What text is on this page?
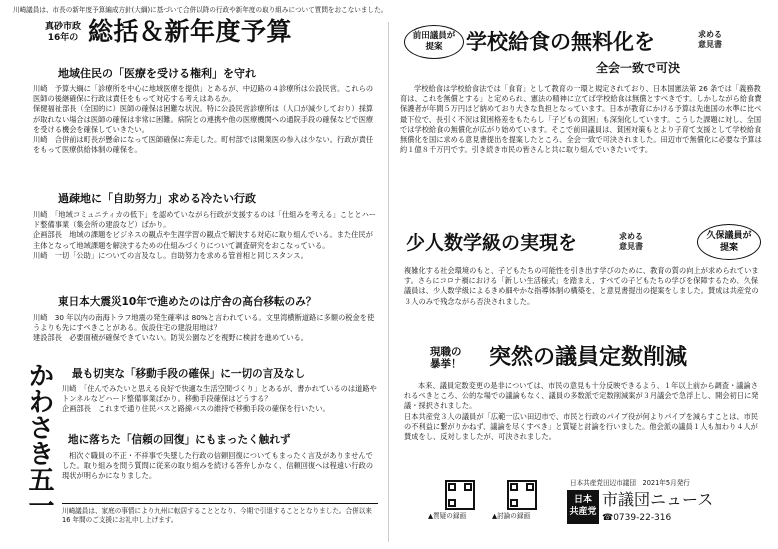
川崎議員は、市長の新年度予算編成方針(大綱)に基づいて合併以降の行政や新年度の取り組みについて質問をおこないました。
真砂市政
16年の 総括＆新年度予算
地域住民の「医療を受ける権利」を守れ

川崎　予算大綱に「診療所を中心に地域医療を提供」とあるが、中辺路の４診療所は公設民営。これらの医師の後継確保に行政は責任をもって対応する考えはあるか。

保健福祉部長（全国的に）医師の確保は困難な状況。特に公設民営診療所は（人口が減少しており）採算が取れない場合は医師の確保は非常に困難。病院との連携や他の医療機関への通院手段の確保などで医療を受ける機会を確保していきたい。

川崎　合併前は町長が懸命になって医師確保に奔走した。町村部では開業医の参入は少ない。行政が責任をもって医療供給体制の確保を。

過疎地に「自助努力」求める冷たい行政

川崎　「地域コミュニティカの低下」を認めていながら行政が支援するのは「仕組みを考える」こととハード整備事業（集会所の建設など）ばかり。

企画部長　地域の課題をビジネスの観点や生涯学習の観点で解決する対応に取り組んでいる。また住民が主体となって地域課題を解決するための仕組みづくりについて調査研究をおこなっている。

川崎　一切「公助」についての言及なし。自助努力を求める管首相と同じスタンス。

東日本大震災10年で進めたのは庁舎の高台移転のみ？

川崎　30 年以内の南海トラフ地震の発生確率は 80%と言われている。文里湾横断道路に多額の税金を使うよりも先にすべきことがある。仮設住宅の建設用地は？

建設部長　必要面積が確保できていない。防災公園などを視野に検討を進めている。

かわさき五一 最も切実な「移動手段の確保」に一切の言及なし

川崎　「住んでみたいと思える良好で快適な生活空間づくり」とあるが、書かれているのは道路やトンネルなどハード整備事業ばかり。移動手段確保はどうする？

企画部長　これまで通り住民バスと路線バスの維持で移動手段の確保を行いたい。

地に落ちた「信頼の回復」にもまったく触れず

相次ぐ職員の不正・不祥事で失墜した行政の信頼回復についてもまったく言及がありませんでした。取り組みを問う質問に従来の取り組みを続ける答弁しかなく、信頼回復へは程遠い行政の現状が明らかになりました。

川崎議員は、家庭の事情により九州に転居することとなり、今期で引退することとなりました。合併以来 16 年間のご支援にお礼申し上げます。
前田議員が
提案	学校給食の無料化を	求める
意見書
全会一致で可決

学校給食は学校給食法では「食育」として教育の一環と規定されており、日本国憲法第 26 条では「義務教育は、これを無償とする」と定められ、憲法の精神に立てば学校給食は無償とすべきです。しかしながら給食費保護者が年間５万円ほど納めており大きな負担となっています。日本が教育にかける予算は先進国の水準に比べ最下位で、長引く不況は貧困格差をもたらし「子どもの貧困」も深刻化しています。こうした課題に対し、全国では学校給食の無償化が広がり始めています。そこで前田議員は、貧困対策もとより子育て支援として学校給食無償化を国に求める意見書提出を提案したところ、全会一致で可決されました。田辺市で無償化に必要な予算は約１億８千万円です。引き続き市民の皆さんと共に取り組んでいきたいです。

少人数学級の実現を	求める
意見書
久保議員が
提案

複雑化する社会環境のもと、子どもたちの可能性を引き出す学びのために、教育の質の向上が求められています。さらにコロナ禍における「新しい生活様式」を踏まえ、すべての子どもたちの学びを保障するため、久保議員は、少人数学級によるきめ細やかな指導体制の構築を、と意見書提出の提案をしました。賛成は共産党の３人のみで残念ながら否決されました。

現職の
暴挙！ 突然の議員定数削減

本来、議員定数変更の是非については、市民の意見も十分反映できるよう、１年以上前から調査・議論されるべきところ、公的な場での議論もなく、議員の多数派で定数削減案が３月議会で急浮上し、開会初日に発議・採択されました。

日本共産党３人の議員が「広範一広い田辺市で、市民と行政のパイプ役が何よりパイプを減らすことは、市民の不利益に繋がりかねず、議論を尽くすべき」と質疑と討論を行いました。他会派の議員１人も加わり４人が賛成をし、反対しましたが、可決されました。

▲質疑の録画	▲討論の録画
日本
共産党
日本共産党田辺市議団　2021年5月発行
市議団ニュース
☎0739-22-316
